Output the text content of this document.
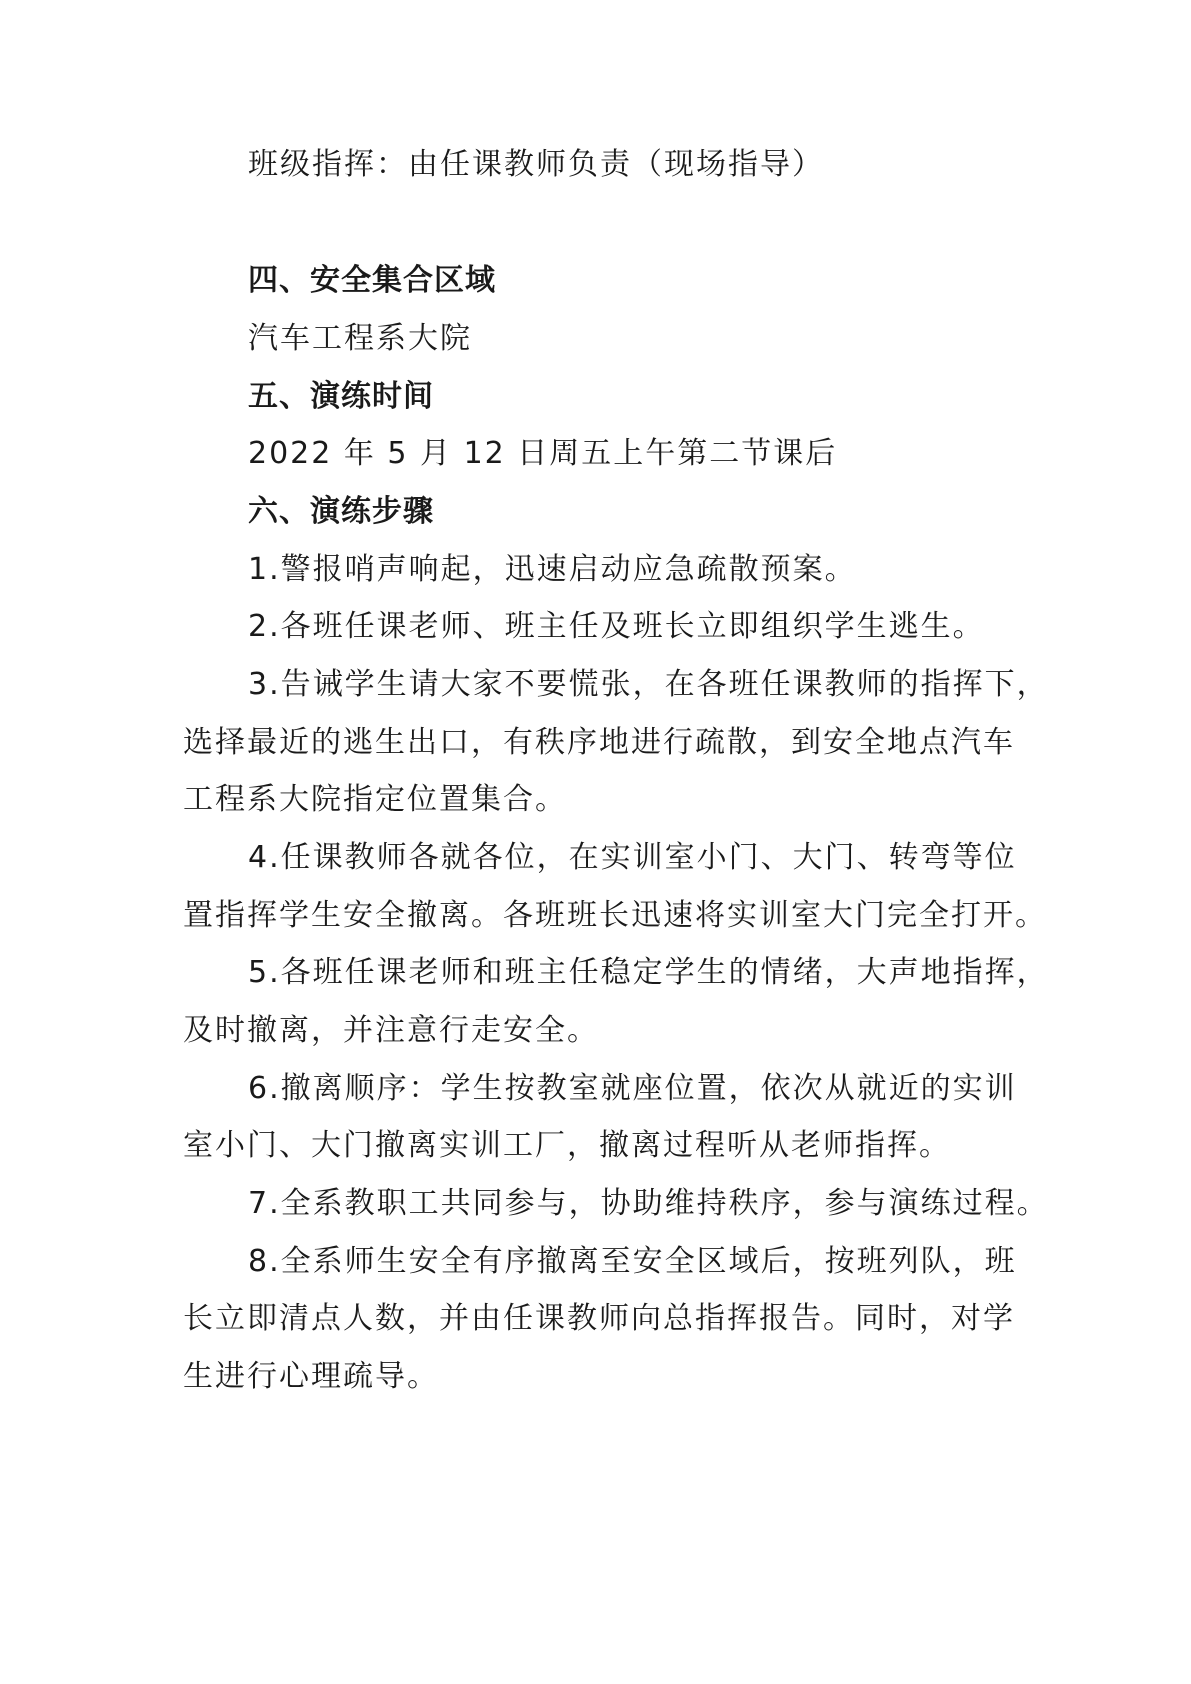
班级指挥：由任课教师负责（现场指导）
四、安全集合区域
汽车工程系大院
五、演练时间
2022 年 5 月 12 日周五上午第二节课后
六、演练步骤
1.警报哨声响起，迅速启动应急疏散预案。
2.各班任课老师、班主任及班长立即组织学生逃生。
3.告诫学生请大家不要慌张，在各班任课教师的指挥下，
选择最近的逃生出口，有秩序地进行疏散，到安全地点汽车
工程系大院指定位置集合。
4.任课教师各就各位，在实训室小门、大门、转弯等位
置指挥学生安全撤离。各班班长迅速将实训室大门完全打开。
5.各班任课老师和班主任稳定学生的情绪，大声地指挥，
及时撤离，并注意行走安全。
6.撤离顺序：学生按教室就座位置，依次从就近的实训
室小门、大门撤离实训工厂，撤离过程听从老师指挥。
7.全系教职工共同参与，协助维持秩序，参与演练过程。
8.全系师生安全有序撤离至安全区域后，按班列队，班
长立即清点人数，并由任课教师向总指挥报告。同时，对学
生进行心理疏导。
